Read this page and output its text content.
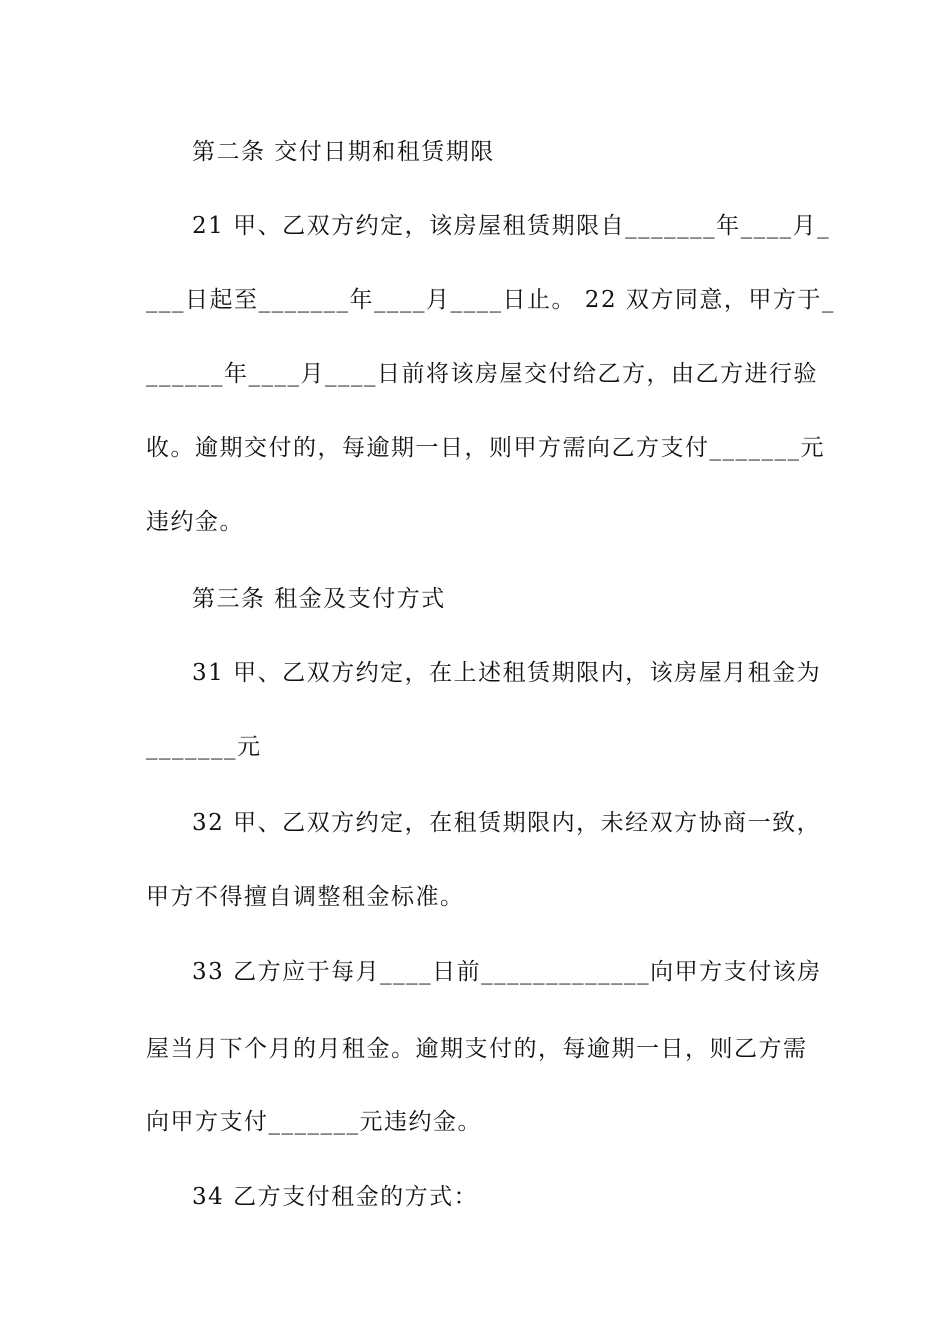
第二条 交付日期和租赁期限
21 甲、乙双方约定，该房屋租赁期限自_______年____月_
___日起至_______年____月____日止。 22 双方同意，甲方于_
______年____月____日前将该房屋交付给乙方，由乙方进行验
收。逾期交付的，每逾期一日，则甲方需向乙方支付_______元
违约金。
第三条 租金及支付方式
31 甲、乙双方约定，在上述租赁期限内，该房屋月租金为
_______元
32 甲、乙双方约定，在租赁期限内，未经双方协商一致，
甲方不得擅自调整租金标准。
33 乙方应于每月____日前_____________向甲方支付该房
屋当月下个月的月租金。逾期支付的，每逾期一日，则乙方需
向甲方支付_______元违约金。
34 乙方支付租金的方式：
